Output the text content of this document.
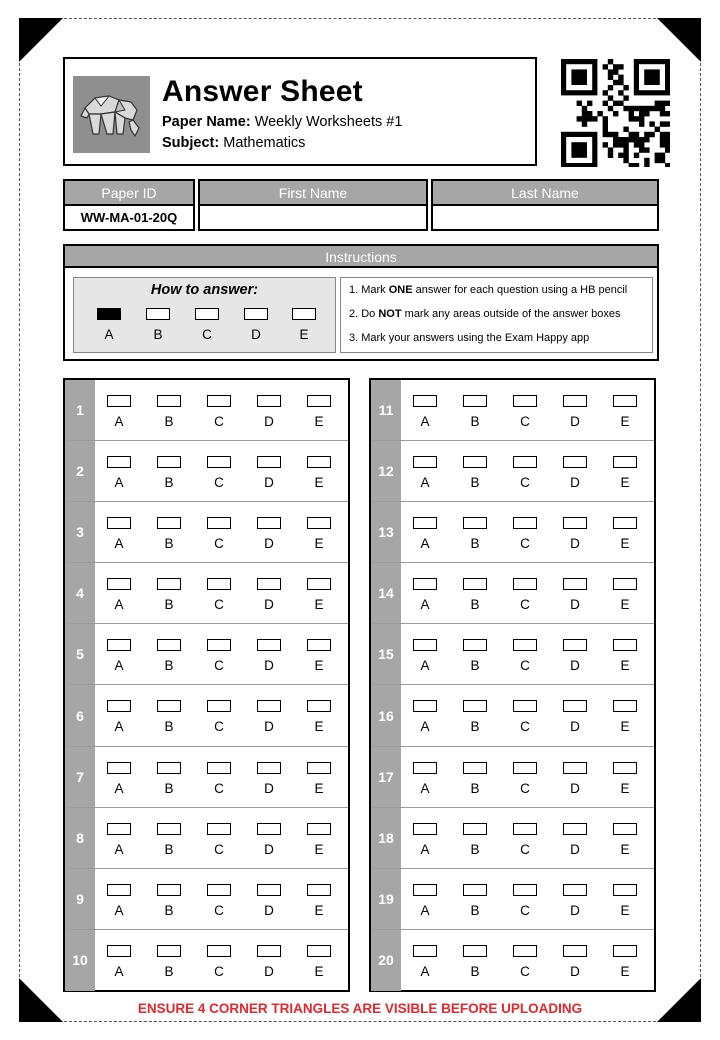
Answer Sheet
Paper Name: Weekly Worksheets #1
Subject: Mathematics
Paper ID
WW-MA-01-20Q
First Name	Last Name
Instructions
How to answer:
A	B	C	D	E
1. Mark ONE answer for each question using a HB pencil
2. Do NOT mark any areas outside of the answer boxes
3. Mark your answers using the Exam Happy app
1
A	B	C	D	E
2
A	B	C	D	E
3
A	B	C	D	E
4
A	B	C	D	E
5
A	B	C	D	E
6
A	B	C	D	E
7
A	B	C	D	E
8
A	B	C	D	E
9
A	B	C	D	E
10
A	B	C	D	E
11
A	B	C	D	E
12
A	B	C	D	E
13
A	B	C	D	E
14
A	B	C	D	E
15
A	B	C	D	E
16
A	B	C	D	E
17
A	B	C	D	E
18
A	B	C	D	E
19
A	B	C	D	E
20
A	B	C	D	E
ENSURE 4 CORNER TRIANGLES ARE VISIBLE BEFORE UPLOADING
